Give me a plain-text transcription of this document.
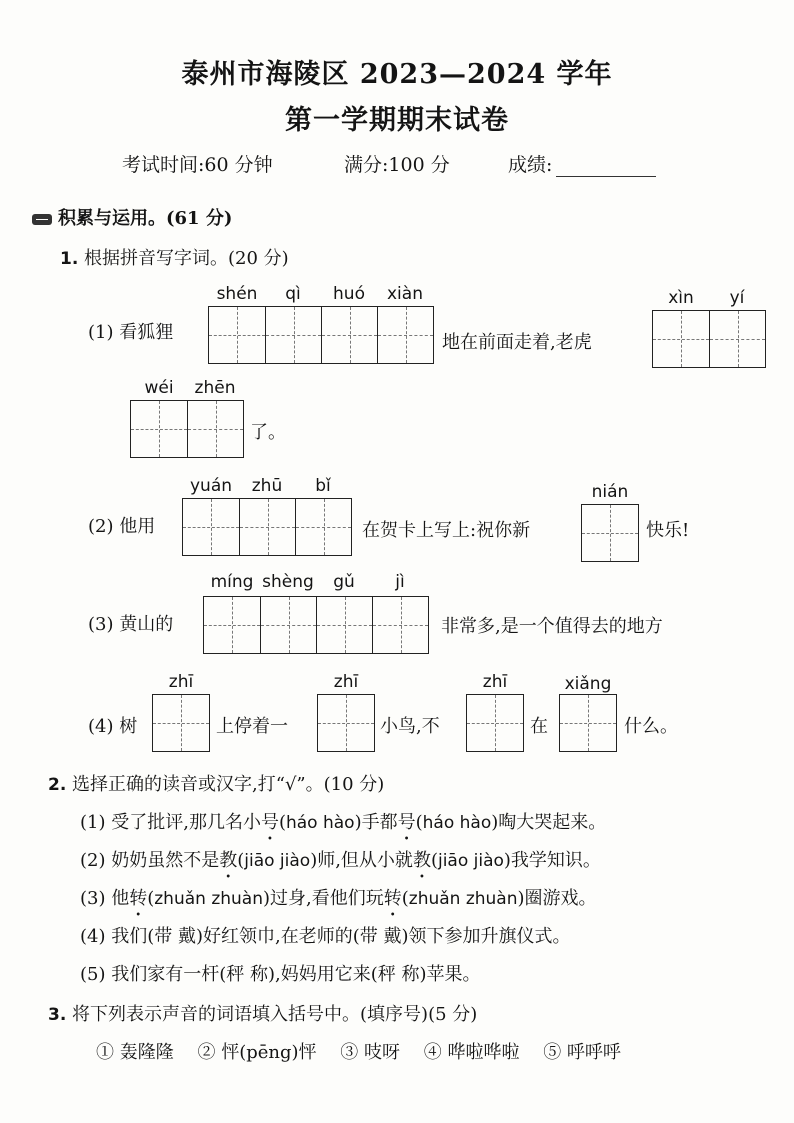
泰州市海陵区 2023—2024 学年
第一学期期末试卷
考试时间:60 分钟	满分:100 分	成绩:
积累与运用。(61 分)
1. 根据拼音写字词。(20 分)
(1) 看狐狸
shén	qì	huó	xiàn
地在前面走着,老虎
xìn	yí
wéi	zhēn
了。
yuán	zhū	bǐ
(2) 他用	在贺卡上写上:祝你新
nián
快乐!
míng shèng	gǔ	jì
(3) 黄山的	非常多,是一个值得去的地方
(4) 树
zhī
上停着一
zhī
小鸟,不
zhī
在
xiǎng
什么。
2. 选择正确的读音或汉字,打“√”。(10 分)
(1) 受了批评,那几名小号(háo hào)手都号(háo hào)啕大哭起来。
(2) 奶奶虽然不是教(jiāo jiào)师,但从小就教(jiāo jiào)我学知识。
(3) 他转(zhuǎn zhuàn)过身,看他们玩转(zhuǎn zhuàn)圈游戏。
(4) 我们(带 戴)好红领巾,在老师的(带 戴)领下参加升旗仪式。
(5) 我们家有一杆(秤 称),妈妈用它来(秤 称)苹果。
3. 将下列表示声音的词语填入括号中。(填序号)(5 分)
① 轰隆隆 ② 怦(pēng)怦 ③ 吱呀 ④ 哗啦哗啦 ⑤ 呼呼呼
